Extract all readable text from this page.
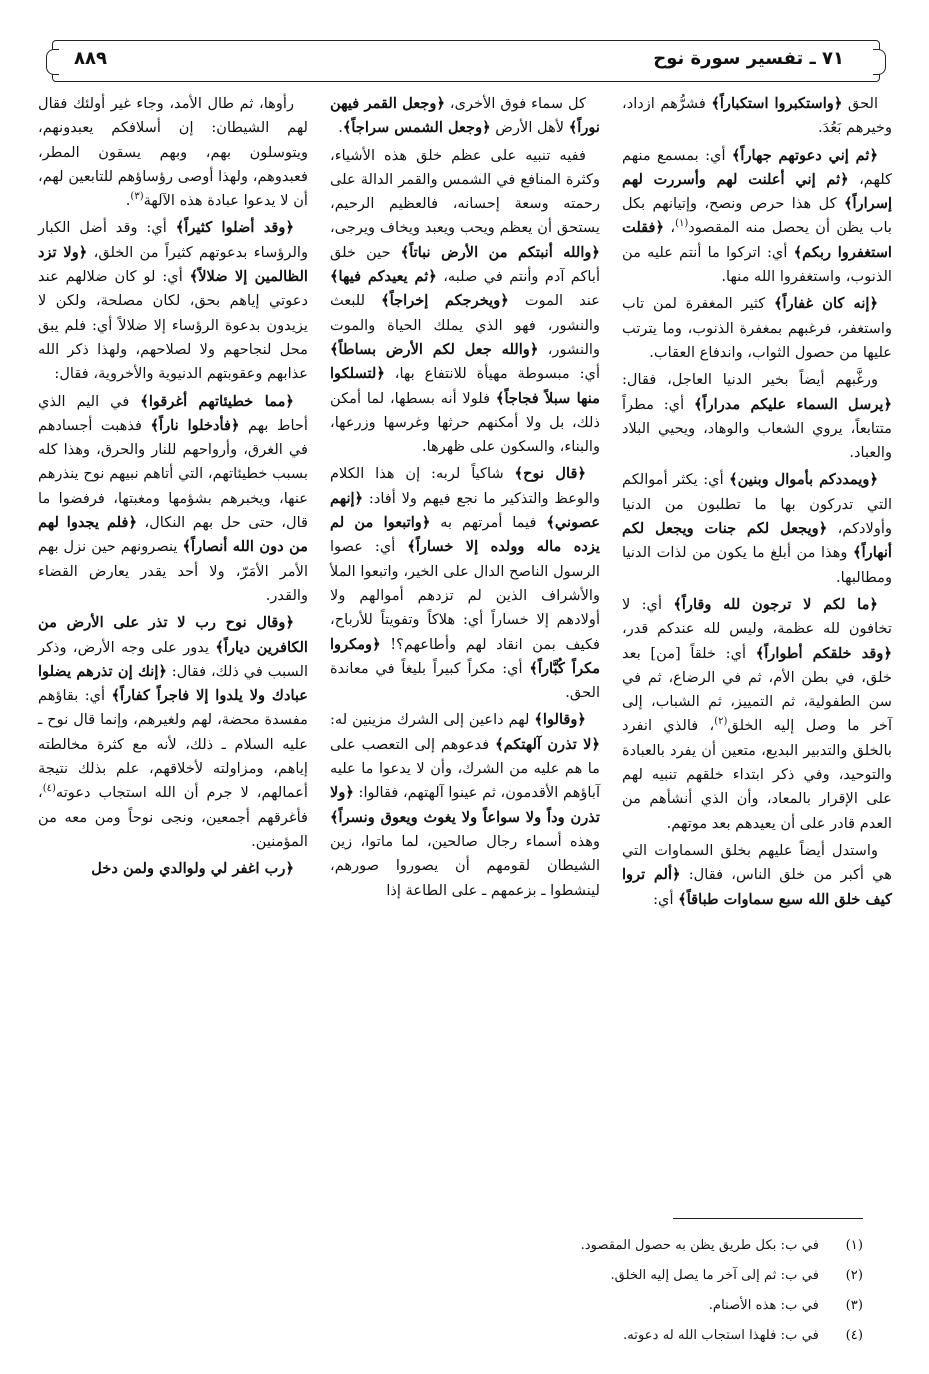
٧١ ـ تفسير سورة نوح
٨٨٩

الحق ﴿واستكبروا استكباراً﴾ فشرُّهم ازداد، وخيرهم بَعُدَ.

﴿ثم إني دعوتهم جهاراً﴾ أي: بمسمع منهم كلهم، ﴿ثم إني أعلنت لهم وأسررت لهم إسراراً﴾ كل هذا حرص ونصح، وإتيانهم بكل باب يظن أن يحصل منه المقصود$^{(١)}$، ﴿فقلت استغفروا ربكم﴾ أي: اتركوا ما أنتم عليه من الذنوب، واستغفروا الله منها.

﴿إنه كان غفاراً﴾ كثير المغفرة لمن تاب واستغفر، فرغبهم بمغفرة الذنوب، وما يترتب عليها من حصول الثواب، واندفاع العقاب.

ورغَّبهم أيضاً بخير الدنيا العاجل، فقال: ﴿يرسل السماء عليكم مدراراً﴾ أي: مطراً متتابعاً، يروي الشعاب والوهاد، ويحيي البلاد والعباد.

﴿ويمددكم بأموال وبنين﴾ أي: يكثر أموالكم التي تدركون بها ما تطلبون من الدنيا وأولادكم، ﴿ويجعل لكم جنات ويجعل لكم أنهاراً﴾ وهذا من أبلغ ما يكون من لذات الدنيا ومطالبها.

﴿ما لكم لا ترجون لله وقاراً﴾ أي: لا تخافون لله عظمة، وليس لله عندكم قدر، ﴿وقد خلقكم أطواراً﴾ أي: خلقاً [من] بعد خلق، في بطن الأم، ثم في الرضاع، ثم في سن الطفولية، ثم التمييز، ثم الشباب، إلى آخر ما وصل إليه الخلق$^{(٢)}$، فالذي انفرد بالخلق والتدبير البديع، متعين أن يفرد بالعبادة والتوحيد، وفي ذكر ابتداء خلقهم تنبيه لهم على الإقرار بالمعاد، وأن الذي أنشأهم من العدم قادر على أن يعيدهم بعد موتهم.

واستدل أيضاً عليهم بخلق السماوات التي هي أكبر من خلق الناس، فقال: ﴿ألم تروا كيف خلق الله سبع سماوات طباقاً﴾ أي:

كل سماء فوق الأخرى، ﴿وجعل القمر فيهن نوراً﴾ لأهل الأرض ﴿وجعل الشمس سراجاً﴾.

ففيه تنبيه على عظم خلق هذه الأشياء، وكثرة المنافع في الشمس والقمر الدالة على رحمته وسعة إحسانه، فالعظيم الرحيم، يستحق أن يعظم ويحب ويعبد ويخاف ويرجى، ﴿والله أنبتكم من الأرض نباتاً﴾ حين خلق أباكم آدم وأنتم في صلبه، ﴿ثم يعيدكم فيها﴾ عند الموت ﴿ويخرجكم إخراجاً﴾ للبعث والنشور، فهو الذي يملك الحياة والموت والنشور، ﴿والله جعل لكم الأرض بساطاً﴾ أي: مبسوطة مهيأة للانتفاع بها، ﴿لتسلكوا منها سبلاً فجاجاً﴾ فلولا أنه بسطها، لما أمكن ذلك، بل ولا أمكنهم حرثها وغرسها وزرعها، والبناء، والسكون على ظهرها.

﴿قال نوح﴾ شاكياً لربه: إن هذا الكلام والوعظ والتذكير ما نجع فيهم ولا أفاد: ﴿إنهم عصوني﴾ فيما أمرتهم به ﴿واتبعوا من لم يزده ماله وولده إلا خساراً﴾ أي: عصوا الرسول الناصح الدال على الخير، واتبعوا الملأ والأشراف الذين لم تزدهم أموالهم ولا أولادهم إلا خساراً أي: هلاكاً وتفويتاً للأرباح، فكيف بمن انقاد لهم وأطاعهم؟! ﴿ومكروا مكراً كُبَّاراً﴾ أي: مكراً كبيراً بليغاً في معاندة الحق.

﴿وقالوا﴾ لهم داعين إلى الشرك مزينين له: ﴿لا تذرن آلهتكم﴾ فدعوهم إلى التعصب على ما هم عليه من الشرك، وأن لا يدعوا ما عليه آباؤهم الأقدمون، ثم عينوا آلهتهم، فقالوا: ﴿ولا تذرن وداً ولا سواعاً ولا يغوث ويعوق ونسراً﴾ وهذه أسماء رجال صالحين، لما ماتوا، زين الشيطان لقومهم أن يصوروا صورهم، لينشطوا ـ بزعمهم ـ على الطاعة إذا

رأوها، ثم طال الأمد، وجاء غير أولئك فقال لهم الشيطان: إن أسلافكم يعبدونهم، ويتوسلون بهم، وبهم يسقون المطر، فعبدوهم، ولهذا أوصى رؤساؤهم للتابعين لهم، أن لا يدعوا عبادة هذه الآلهة$^{(٣)}$.

﴿وقد أضلوا كثيراً﴾ أي: وقد أضل الكبار والرؤساء بدعوتهم كثيراً من الخلق، ﴿ولا تزد الظالمين إلا ضلالاً﴾ أي: لو كان ضلالهم عند دعوتي إياهم بحق، لكان مصلحة، ولكن لا يزيدون بدعوة الرؤساء إلا ضلالاً أي: فلم يبق محل لنجاحهم ولا لصلاحهم، ولهذا ذكر الله عذابهم وعقوبتهم الدنيوية والأخروية، فقال:

﴿مما خطيئاتهم أغرقوا﴾ في اليم الذي أحاط بهم ﴿فأدخلوا ناراً﴾ فذهبت أجسادهم في الغرق، وأرواحهم للنار والحرق، وهذا كله بسبب خطيئاتهم، التي أتاهم نبيهم نوح ينذرهم عنها، ويخبرهم بشؤمها ومغبتها، فرفضوا ما قال، حتى حل بهم النكال، ﴿فلم يجدوا لهم من دون الله أنصاراً﴾ ينصرونهم حين نزل بهم الأمر الأمَرّ، ولا أحد يقدر يعارض القضاء والقدر.

﴿وقال نوح رب لا تذر على الأرض من الكافرين دياراً﴾ يدور على وجه الأرض، وذكر السبب في ذلك، فقال: ﴿إنك إن تذرهم يضلوا عبادك ولا يلدوا إلا فاجراً كفاراً﴾ أي: بقاؤهم مفسدة محضة، لهم ولغيرهم، وإنما قال نوح ـ عليه السلام ـ ذلك، لأنه مع كثرة مخالطته إياهم، ومزاولته لأخلاقهم، علم بذلك نتيجة أعمالهم، لا جرم أن الله استجاب دعوته$^{(٤)}$، فأغرقهم أجمعين، ونجى نوحاً ومن معه من المؤمنين.

﴿رب اغفر لي ولوالدي ولمن دخل

(١)
في ب: بكل طريق يظن به حصول المقصود.
(٢)
في ب: ثم إلى آخر ما يصل إليه الخلق.
(٣)
في ب: هذه الأصنام.
(٤)
في ب: فلهذا استجاب الله له دعوته.
